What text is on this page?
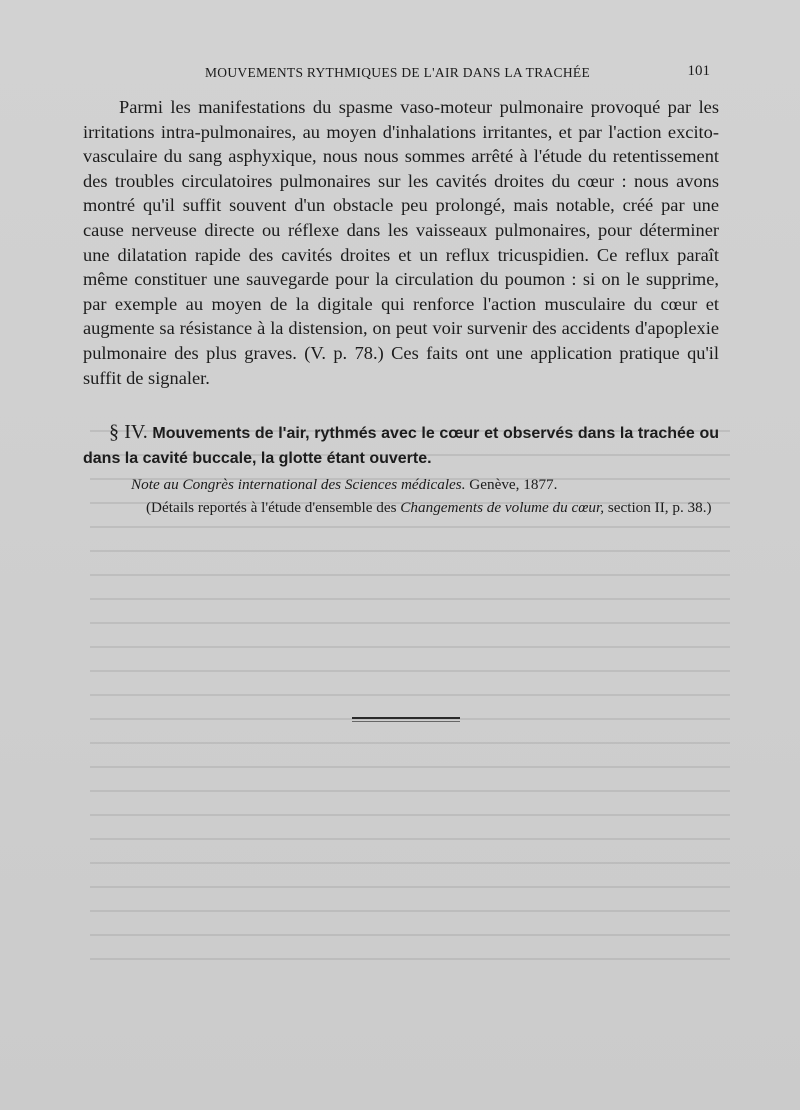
MOUVEMENTS RYTHMIQUES DE L'AIR DANS LA TRACHÉE	101

Parmi les manifestations du spasme vaso-moteur pulmonaire provoqué par les irritations intra-pulmonaires, au moyen d'inhalations irritantes, et par l'action excito-vasculaire du sang asphyxique, nous nous sommes arrêté à l'étude du retentissement des troubles circulatoires pulmonaires sur les cavités droites du cœur : nous avons montré qu'il suffit souvent d'un obstacle peu prolongé, mais notable, créé par une cause nerveuse directe ou réflexe dans les vaisseaux pulmonaires, pour déterminer une dilatation rapide des cavités droites et un reflux tricuspidien. Ce reflux paraît même constituer une sauvegarde pour la circulation du poumon : si on le supprime, par exemple au moyen de la digitale qui renforce l'action musculaire du cœur et augmente sa résistance à la distension, on peut voir survenir des accidents d'apoplexie pulmonaire des plus graves. (V. p. 78.) Ces faits ont une application pratique qu'il suffit de signaler.

§ IV. Mouvements de l'air, rythmés avec le cœur et observés dans la trachée ou dans la cavité buccale, la glotte étant ouverte.

Note au Congrès international des Sciences médicales. Genève, 1877.

(Détails reportés à l'étude d'ensemble des Changements de volume du cœur, section II, p. 38.)
